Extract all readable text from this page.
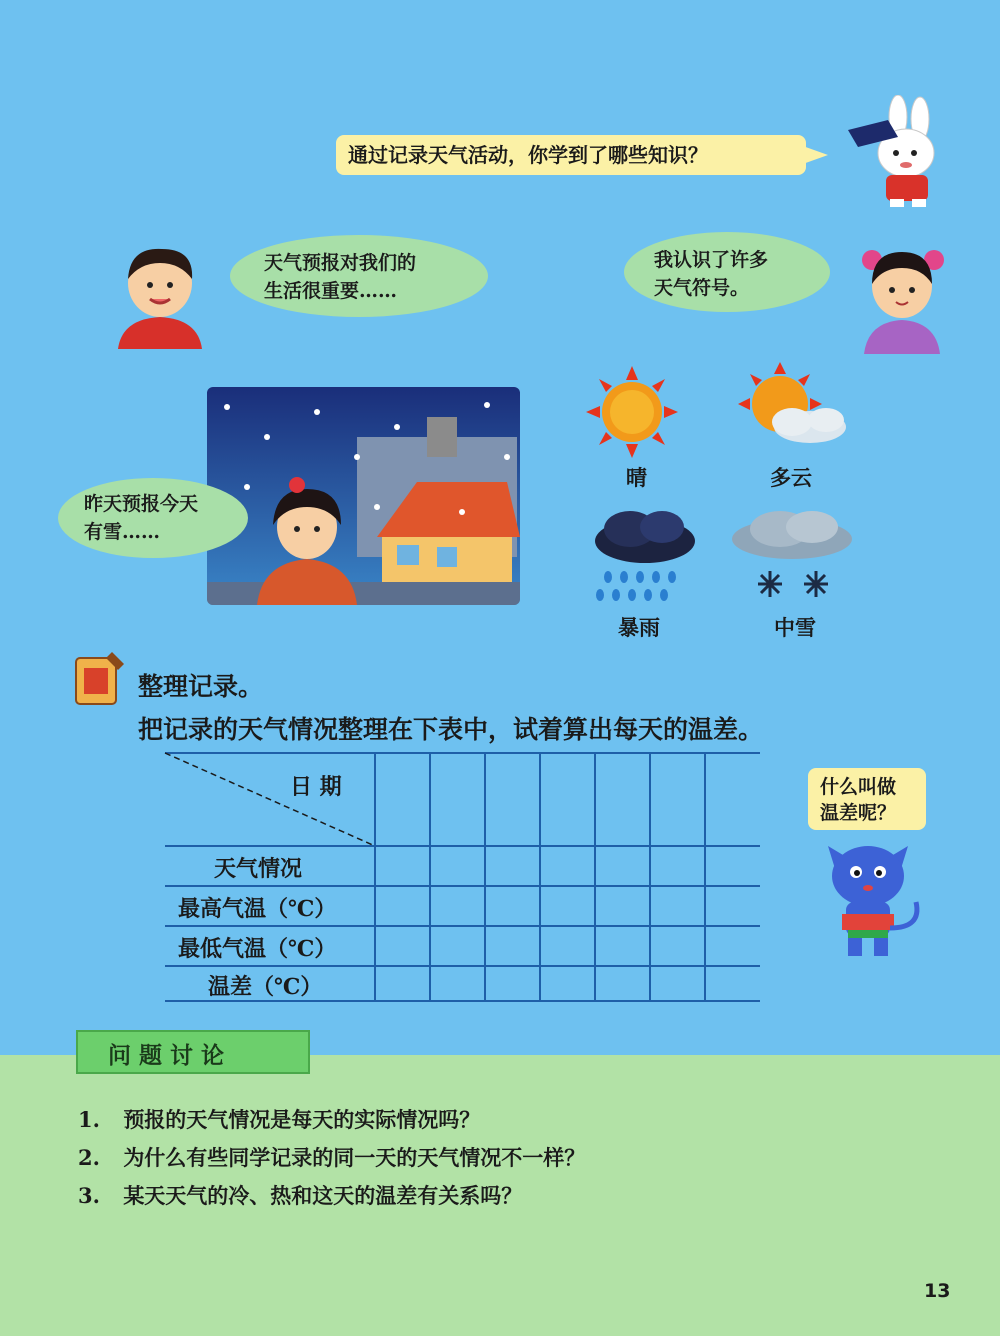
通过记录天气活动，你学到了哪些知识？
天气预报对我们的
生活很重要……
我认识了许多
天气符号。
昨天预报今天
有雪……
晴	多云
暴雨	中雪
整理记录。
把记录的天气情况整理在下表中，试着算出每天的温差。
日 期
天气情况
最高气温（℃）
最低气温（℃）
温差（℃）
什么叫做
温差呢？
问 题 讨 论
1. 预报的天气情况是每天的实际情况吗？
2. 为什么有些同学记录的同一天的天气情况不一样？
3. 某天天气的冷、热和这天的温差有关系吗？
13
